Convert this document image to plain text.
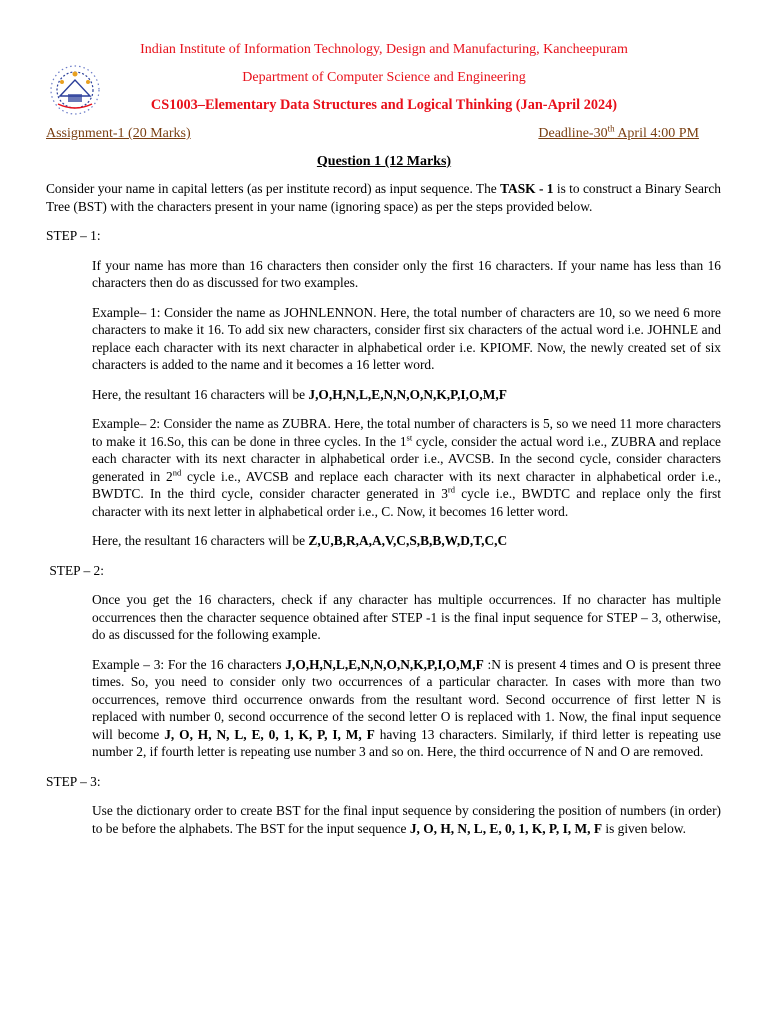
Indian Institute of Information Technology, Design and Manufacturing, Kancheepuram
Department of Computer Science and Engineering
CS1003–Elementary Data Structures and Logical Thinking (Jan-April 2024)
Assignment-1 (20 Marks)	Deadline-30th April 4:00 PM
Question 1 (12 Marks)

Consider your name in capital letters (as per institute record) as input sequence. The TASK - 1 is to construct a Binary Search Tree (BST) with the characters present in your name (ignoring space) as per the steps provided below.

STEP – 1:

If your name has more than 16 characters then consider only the first 16 characters. If your name has less than 16 characters then do as discussed for two examples.

Example– 1: Consider the name as JOHNLENNON. Here, the total number of characters are 10, so we need 6 more characters to make it 16. To add six new characters, consider first six characters of the actual word i.e. JOHNLE and replace each character with its next character in alphabetical order i.e. KPIOMF. Now, the newly created set of six characters is added to the name and it becomes a 16 letter word.

Here, the resultant 16 characters will be J,O,H,N,L,E,N,N,O,N,K,P,I,O,M,F

Example– 2: Consider the name as ZUBRA. Here, the total number of characters is 5, so we need 11 more characters to make it 16.So, this can be done in three cycles. In the 1st cycle, consider the actual word i.e., ZUBRA and replace each character with its next character in alphabetical order i.e., AVCSB. In the second cycle, consider characters generated in 2nd cycle i.e., AVCSB and replace each character with its next character in alphabetical order i.e., BWDTC. In the third cycle, consider character generated in 3rd cycle i.e., BWDTC and replace only the first character with its next letter in alphabetical order i.e., C. Now, it becomes 16 letter word.

Here, the resultant 16 characters will be Z,U,B,R,A,A,V,C,S,B,B,W,D,T,C,C

STEP – 2:

Once you get the 16 characters, check if any character has multiple occurrences. If no character has multiple occurrences then the character sequence obtained after STEP -1 is the final input sequence for STEP – 3, otherwise, do as discussed for the following example.

Example – 3: For the 16 characters J,O,H,N,L,E,N,N,O,N,K,P,I,O,M,F :N is present 4 times and O is present three times. So, you need to consider only two occurrences of a particular character. In cases with more than two occurrences, remove third occurrence onwards from the resultant word. Second occurrence of first letter N is replaced with number 0, second occurrence of the second letter O is replaced with 1. Now, the final input sequence will become J, O, H, N, L, E, 0, 1, K, P, I, M, F having 13 characters. Similarly, if third letter is repeating use number 2, if fourth letter is repeating use number 3 and so on. Here, the third occurrence of N and O are removed.

STEP – 3:

Use the dictionary order to create BST for the final input sequence by considering the position of numbers (in order) to be before the alphabets. The BST for the input sequence J, O, H, N, L, E, 0, 1, K, P, I, M, F is given below.
